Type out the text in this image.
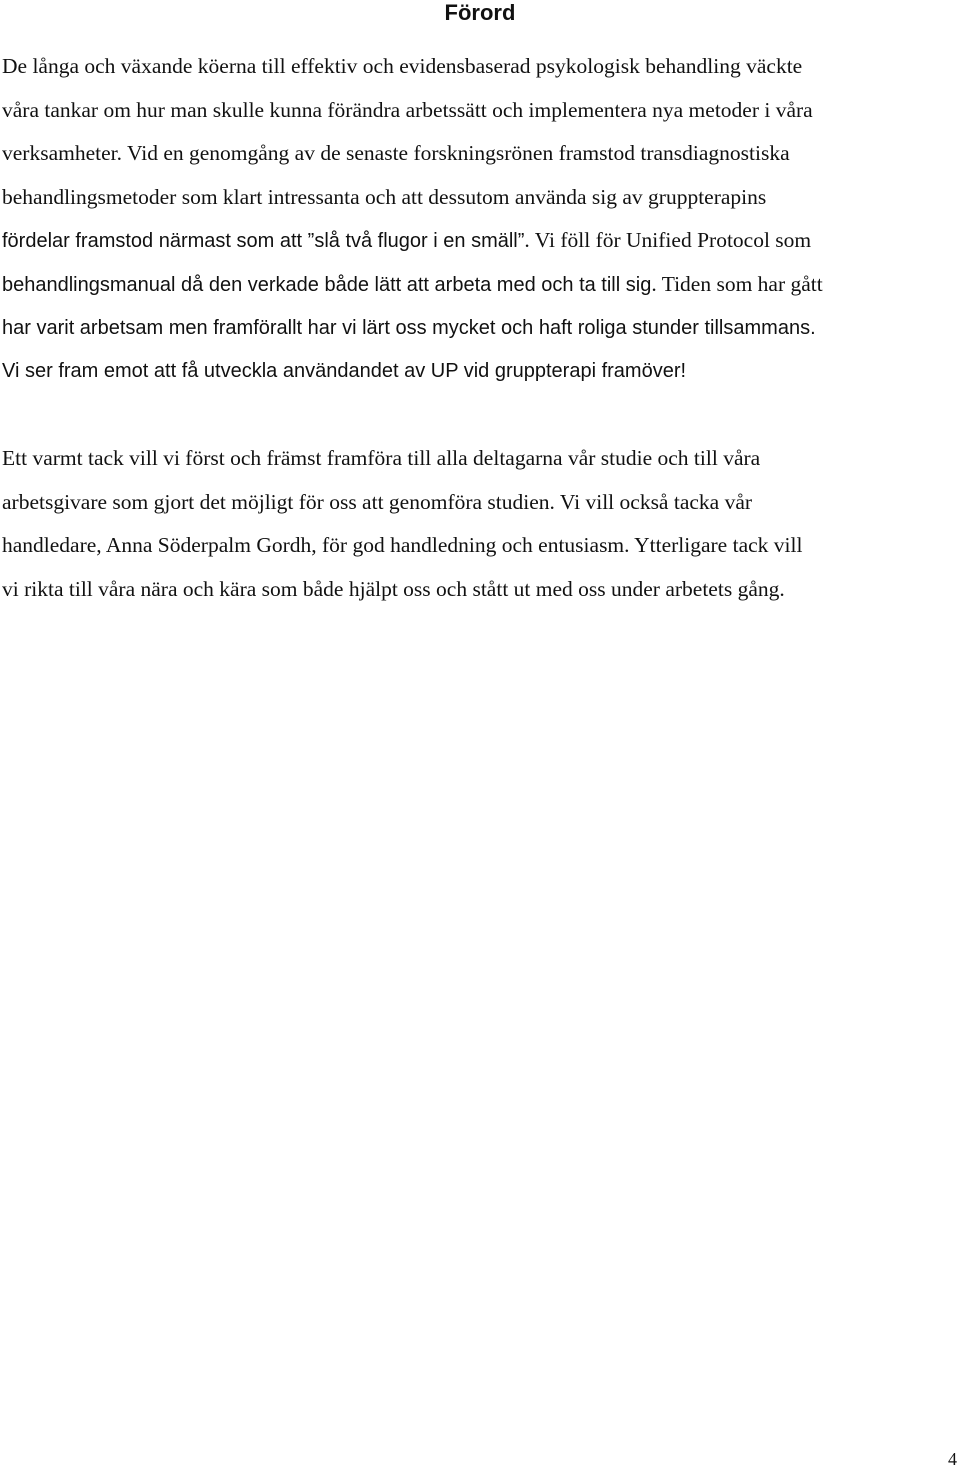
Förord
De långa och växande köerna till effektiv och evidensbaserad psykologisk behandling väckte
våra tankar om hur man skulle kunna förändra arbetssätt och implementera nya metoder i våra
verksamheter. Vid en genomgång av de senaste forskningsrönen framstod transdiagnostiska
behandlingsmetoder som klart intressanta och att dessutom använda sig av gruppterapins
fördelar framstod närmast som att ”slå två flugor i en smäll”. Vi föll för Unified Protocol som
behandlingsmanual då den verkade både lätt att arbeta med och ta till sig. Tiden som har gått
har varit arbetsam men framförallt har vi lärt oss mycket och haft roliga stunder tillsammans.
Vi ser fram emot att få utveckla användandet av UP vid gruppterapi framöver!
Ett varmt tack vill vi först och främst framföra till alla deltagarna vår studie och till våra
arbetsgivare som gjort det möjligt för oss att genomföra studien. Vi vill också tacka vår
handledare, Anna Söderpalm Gordh, för god handledning och entusiasm. Ytterligare tack vill
vi rikta till våra nära och kära som både hjälpt oss och stått ut med oss under arbetets gång.
4
